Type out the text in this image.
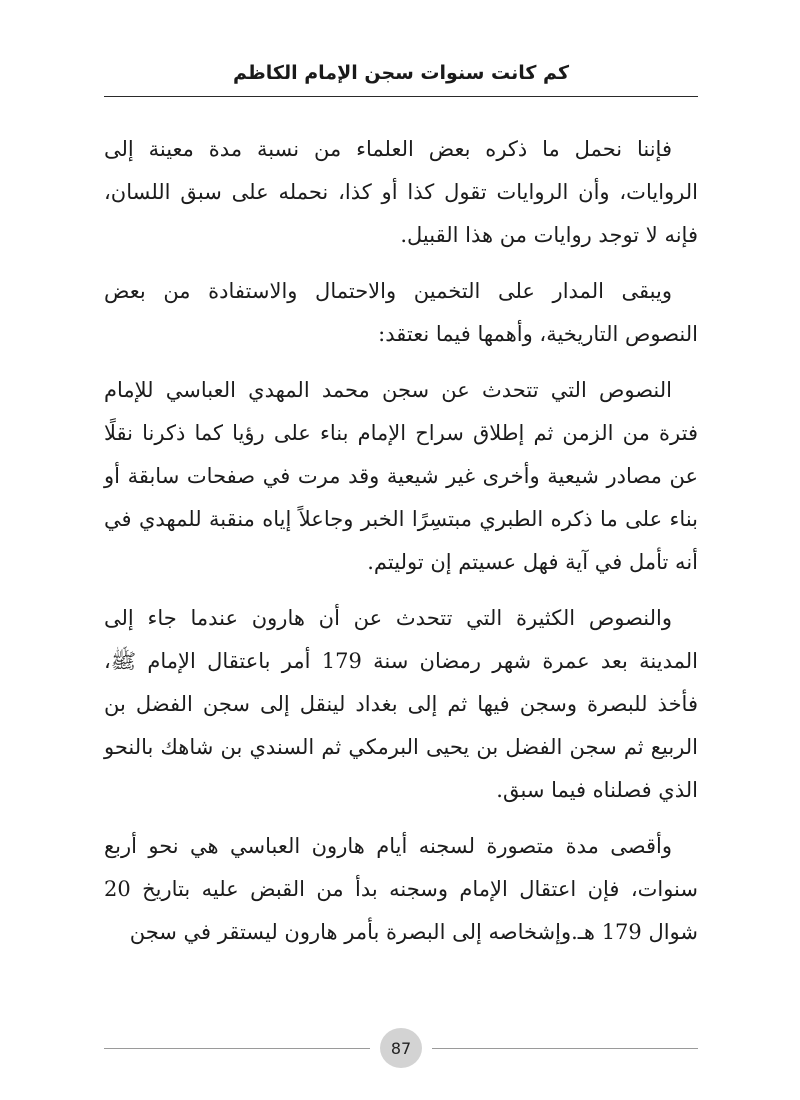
كم كانت سنوات سجن الإمام الكاظم

فإننا نحمل ما ذكره بعض العلماء من نسبة مدة معينة إلى الروايات، وأن الروايات تقول كذا أو كذا، نحمله على سبق اللسان، فإنه لا توجد روايات من هذا القبيل.

ويبقى المدار على التخمين والاحتمال والاستفادة من بعض النصوص التاريخية، وأهمها فيما نعتقد:

النصوص التي تتحدث عن سجن محمد المهدي العباسي للإمام فترة من الزمن ثم إطلاق سراح الإمام بناء على رؤيا كما ذكرنا نقلًا عن مصادر شيعية وأخرى غير شيعية وقد مرت في صفحات سابقة أو بناء على ما ذكره الطبري مبتسِرًا الخبر وجاعلاً إياه منقبة للمهدي في أنه تأمل في آية فهل عسيتم إن توليتم.

والنصوص الكثيرة التي تتحدث عن أن هارون عندما جاء إلى المدينة بعد عمرة شهر رمضان سنة 179 أمر باعتقال الإمام ﷺ، فأخذ للبصرة وسجن فيها ثم إلى بغداد لينقل إلى سجن الفضل بن الربيع ثم سجن الفضل بن يحيى البرمكي ثم السندي بن شاهك بالنحو الذي فصلناه فيما سبق.

وأقصى مدة متصورة لسجنه أيام هارون العباسي هي نحو أربع سنوات، فإن اعتقال الإمام وسجنه بدأ من القبض عليه بتاريخ 20 شوال 179 هـ.وإشخاصه إلى البصرة بأمر هارون ليستقر في سجن

87
